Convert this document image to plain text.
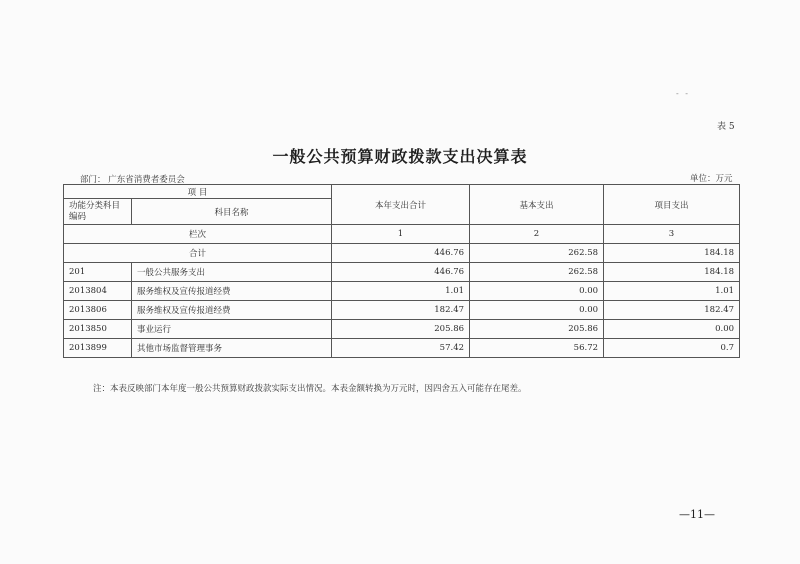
- -
表 5
一般公共预算财政拨款支出决算表
部门： 广东省消费者委员会	单位：万元
项 目		本年支出合计	基本支出	项目支出
功能分类科目编码	科目名称			
栏次		1	2	3
合计		446.76	262.58	184.18
201	一般公共服务支出	446.76	262.58	184.18
2013804	服务维权及宣传报道经费	1.01	0.00	1.01
2013806	服务维权及宣传报道经费	182.47	0.00	182.47
2013850	事业运行	205.86	205.86	0.00
2013899	其他市场监督管理事务	57.42	56.72	0.7
注：本表反映部门本年度一般公共预算财政拨款实际支出情况。本表金额转换为万元时，因四舍五入可能存在尾差。
—11—
